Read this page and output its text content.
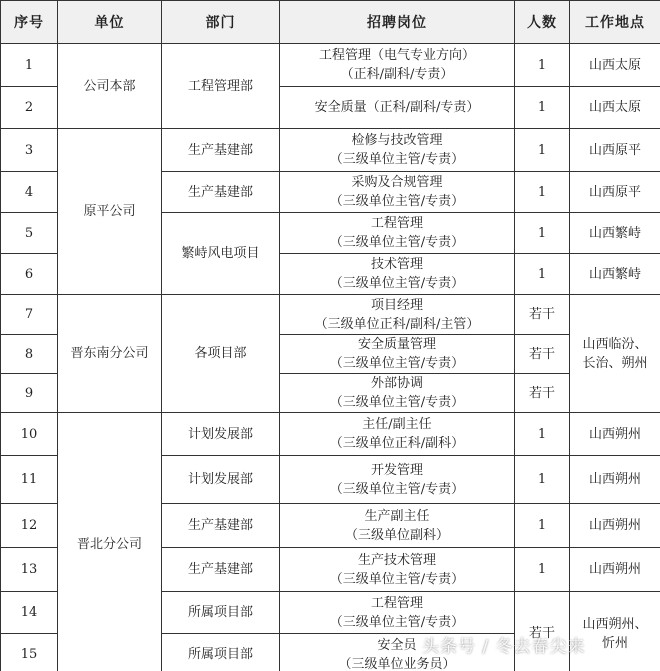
序号	单位	部门	招聘岗位	人数	工作地点
1	公司本部	工程管理部	工程管理（电气专业方向）
（正科/副科/专责）	1	山西太原
2			安全质量（正科/副科/专责）	1	山西太原
3	原平公司	生产基建部	检修与技改管理
（三级单位主管/专责）	1	山西原平
4		生产基建部	采购及合规管理
（三级单位主管/专责）	1	山西原平
5		繁峙风电项目	工程管理
（三级单位主管/专责）	1	山西繁峙
6			技术管理
（三级单位主管/专责）	1	山西繁峙
7	晋东南分公司	各项目部	项目经理
（三级单位正科/副科/主管）	若干	山西临汾、
长治、朔州

8			安全质量管理
（三级单位主管/专责）	若干	
9			外部协调
（三级单位主管/专责）	若干	
10	晋北分公司	计划发展部	主任/副主任
（三级单位正科/副科）	1	山西朔州
11		计划发展部	开发管理
（三级单位主管/专责）	1	山西朔州
12		生产基建部	生产副主任
（三级单位副科）	1	山西朔州
13		生产基建部	生产技术管理
（三级单位主管/专责）	1	山西朔州
14		所属项目部	工程管理
（三级单位主管/专责）	若干	山西朔州、
忻州

15		所属项目部	安全员
（三级单位业务员）		
头条号 / 冬去春尖来
